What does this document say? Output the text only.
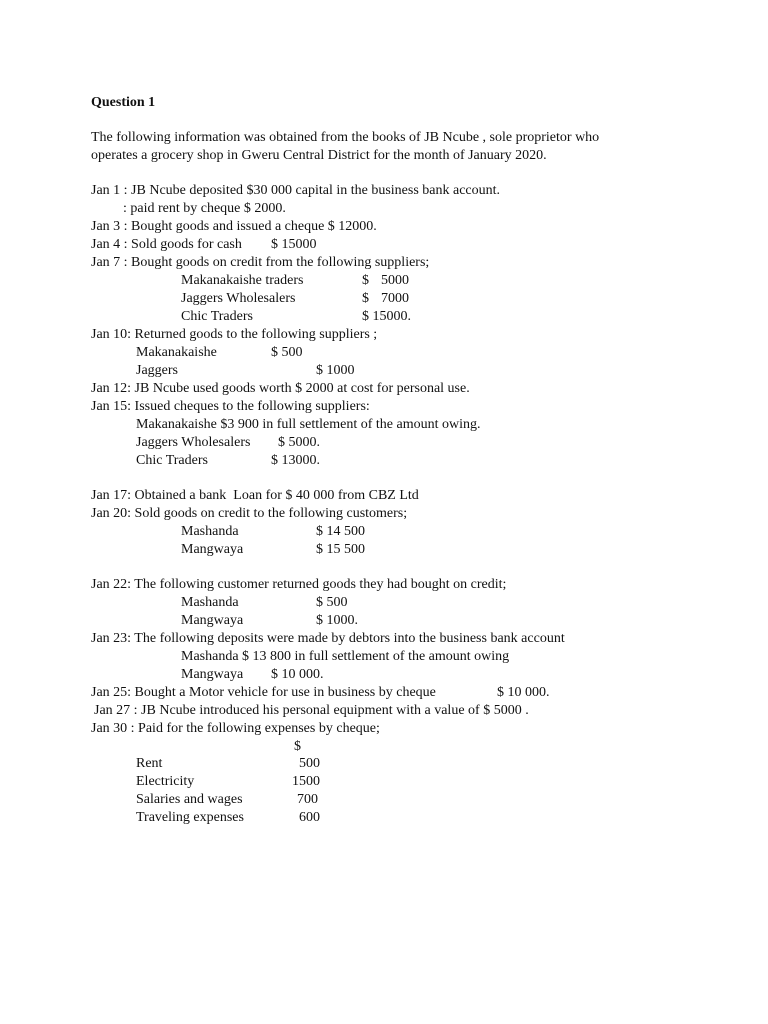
Question 1
The following information was obtained from the books of JB Ncube , sole proprietor who
operates a grocery shop in Gweru Central District for the month of January 2020.
Jan 1 : JB Ncube deposited $30 000 capital in the business bank account.
: paid rent by cheque $ 2000.
Jan 3 : Bought goods and issued a cheque $ 12000.
Jan 4 : Sold goods for cash $ 15000
Jan 7 : Bought goods on credit from the following suppliers;
Makanakaishe traders	$ 5000
Jaggers Wholesalers	$ 7000
Chic Traders	$ 15000.
Jan 10: Returned goods to the following suppliers ;
Makanakaishe	$ 500
Jaggers	$ 1000
Jan 12: JB Ncube used goods worth $ 2000 at cost for personal use.
Jan 15: Issued cheques to the following suppliers:
Makanakaishe $3 900 in full settlement of the amount owing.
Jaggers Wholesalers $ 5000.
Chic Traders	$ 13000.
Jan 17: Obtained a bank  Loan for $ 40 000 from CBZ Ltd
Jan 20: Sold goods on credit to the following customers;
Mashanda	$ 14 500
Mangwaya	$ 15 500
Jan 22: The following customer returned goods they had bought on credit;
Mashanda	$ 500
Mangwaya	$ 1000.
Jan 23: The following deposits were made by debtors into the business bank account
Mashanda $ 13 800 in full settlement of the amount owing
Mangwaya $ 10 000.
Jan 25: Bought a Motor vehicle for use in business by cheque	$ 10 000.
Jan 27 : JB Ncube introduced his personal equipment with a value of $ 5000 .
Jan 30 : Paid for the following expenses by cheque;
$
Rent	500
Electricity	1500
Salaries and wages	700
Traveling expenses	600
